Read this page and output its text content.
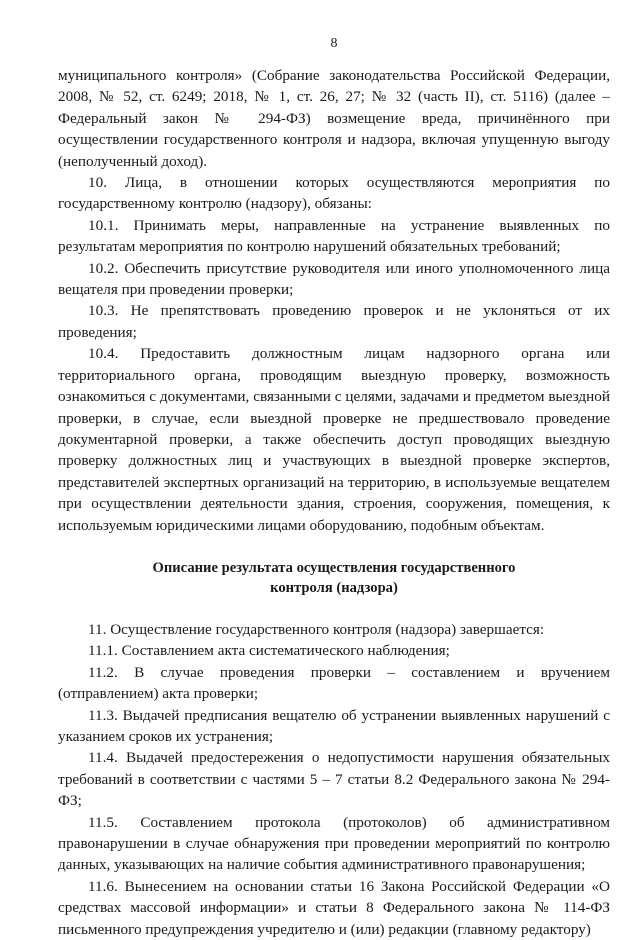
8

муниципального контроля» (Собрание законодательства Российской Федерации, 2008, № 52, ст. 6249; 2018, № 1, ст. 26, 27; № 32 (часть II), ст. 5116) (далее – Федеральный закон № 294-ФЗ) возмещение вреда, причинённого при осуществлении государственного контроля и надзора, включая упущенную выгоду (неполученный доход).

10. Лица, в отношении которых осуществляются мероприятия по государственному контролю (надзору), обязаны:

10.1. Принимать меры, направленные на устранение выявленных по результатам мероприятия по контролю нарушений обязательных требований;

10.2. Обеспечить присутствие руководителя или иного уполномоченного лица вещателя при проведении проверки;

10.3. Не препятствовать проведению проверок и не уклоняться от их проведения;

10.4. Предоставить должностным лицам надзорного органа или территориального органа, проводящим выездную проверку, возможность ознакомиться с документами, связанными с целями, задачами и предметом выездной проверки, в случае, если выездной проверке не предшествовало проведение документарной проверки, а также обеспечить доступ проводящих выездную проверку должностных лиц и участвующих в выездной проверке экспертов, представителей экспертных организаций на территорию, в используемые вещателем при осуществлении деятельности здания, строения, сооружения, помещения, к используемым юридическими лицами оборудованию, подобным объектам.

Описание результата осуществления государственного
контроля (надзора)

11. Осуществление государственного контроля (надзора) завершается:

11.1. Составлением акта систематического наблюдения;

11.2. В случае проведения проверки – составлением и вручением (отправлением) акта проверки;

11.3. Выдачей предписания вещателю об устранении выявленных нарушений с указанием сроков их устранения;

11.4. Выдачей предостережения о недопустимости нарушения обязательных требований в соответствии с частями 5 – 7 статьи 8.2 Федерального закона № 294-ФЗ;

11.5. Составлением протокола (протоколов) об административном правонарушении в случае обнаружения при проведении мероприятий по контролю данных, указывающих на наличие события административного правонарушения;

11.6. Вынесением на основании статьи 16 Закона Российской Федерации «О средствах массовой информации» и статьи 8 Федерального закона № 114-ФЗ письменного предупреждения учредителю и (или) редакции (главному редактору)
